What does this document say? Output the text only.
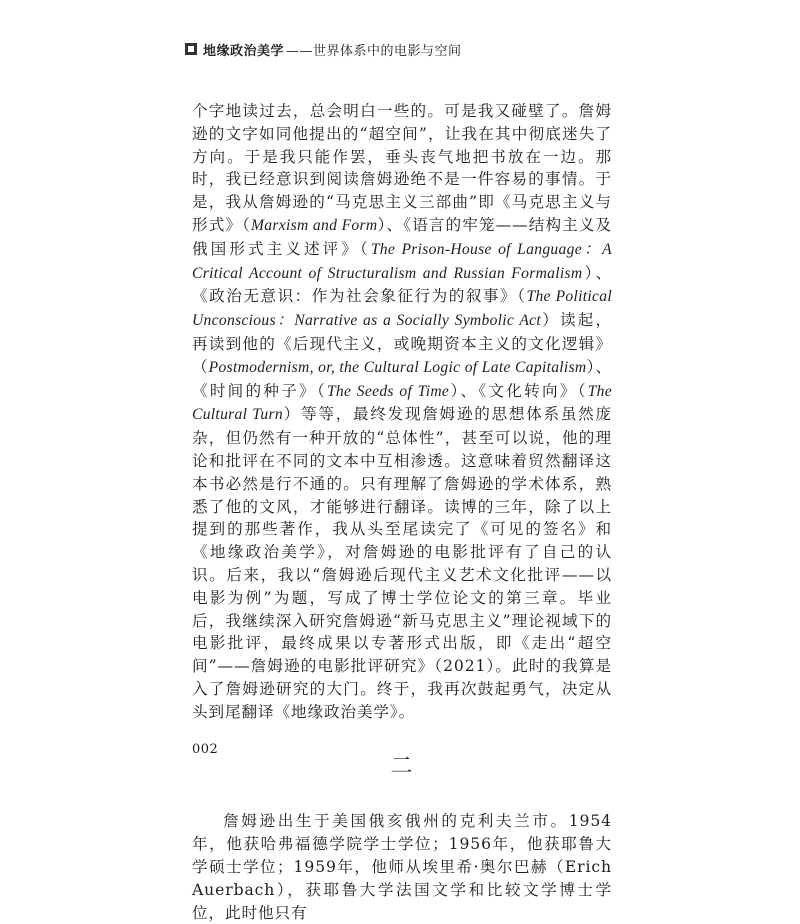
地缘政治美学 ——世界体系中的电影与空间

个字地读过去，总会明白一些的。可是我又碰壁了。詹姆逊的文字如同他提出的“超空间”，让我在其中彻底迷失了方向。于是我只能作罢，垂头丧气地把书放在一边。那时，我已经意识到阅读詹姆逊绝不是一件容易的事情。于是，我从詹姆逊的“马克思主义三部曲”即《马克思主义与形式》（Marxism and Form）、《语言的牢笼——结构主义及俄国形式主义述评》（The Prison-House of Language：A Critical Account of Structuralism and Russian Formalism）、《政治无意识：作为社会象征行为的叙事》（The Political Unconscious：Narrative as a Socially Symbolic Act）读起，再读到他的《后现代主义，或晚期资本主义的文化逻辑》（Postmodernism, or, the Cultural Logic of Late Capitalism）、《时间的种子》（The Seeds of Time）、《文化转向》（The Cultural Turn）等等，最终发现詹姆逊的思想体系虽然庞杂，但仍然有一种开放的“总体性”，甚至可以说，他的理论和批评在不同的文本中互相渗透。这意味着贸然翻译这本书必然是行不通的。只有理解了詹姆逊的学术体系，熟悉了他的文风，才能够进行翻译。读博的三年，除了以上提到的那些著作，我从头至尾读完了《可见的签名》和《地缘政治美学》，对詹姆逊的电影批评有了自己的认识。后来，我以“詹姆逊后现代主义艺术文化批评——以电影为例”为题，写成了博士学位论文的第三章。毕业后，我继续深入研究詹姆逊“新马克思主义”理论视域下的电影批评，最终成果以专著形式出版，即《走出“超空间”——詹姆逊的电影批评研究》（2021）。此时的我算是入了詹姆逊研究的大门。终于，我再次鼓起勇气，决定从头到尾翻译《地缘政治美学》。

二

詹姆逊出生于美国俄亥俄州的克利夫兰市。1954年，他获哈弗福德学院学士学位；1956年，他获耶鲁大学硕士学位；1959年，他师从埃里希·奥尔巴赫（Erich Auerbach），获耶鲁大学法国文学和比较文学博士学位，此时他只有

002
